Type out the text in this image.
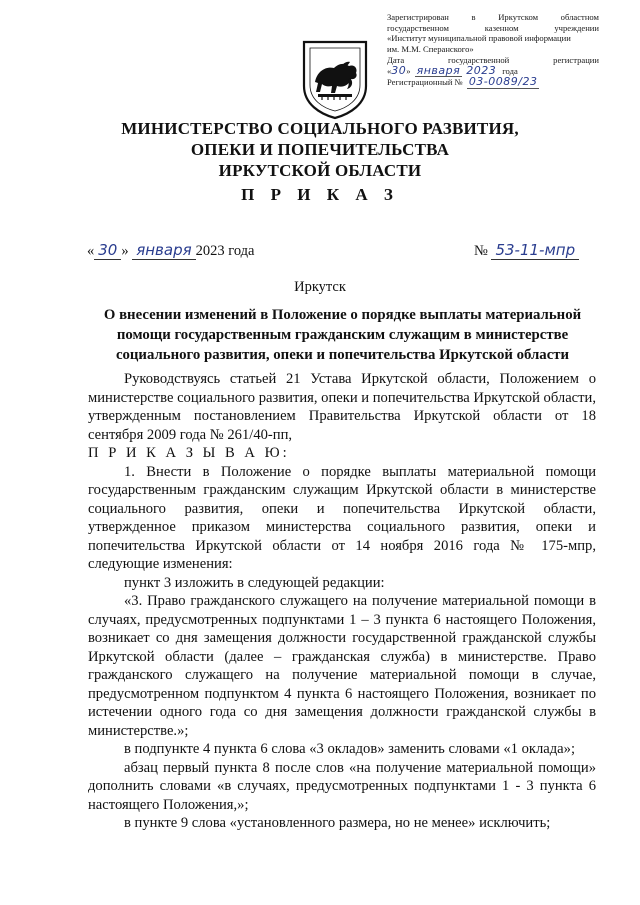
Зарегистрирован в Иркутском областном
государственном казенном учреждении
«Институт муниципальной правовой информации
им. М.М. Сперанского»
Дата государственной регистрации
« 30 » января 2023 года
Регистрационный № 03-0089/23
МИНИСТЕРСТВО СОЦИАЛЬНОГО РАЗВИТИЯ,
ОПЕКИ И ПОПЕЧИТЕЛЬСТВА
ИРКУТСКОЙ ОБЛАСТИ
П Р И К А З
« 30 » января 2023 года	№ 53-11-мпр
Иркутск
О внесении изменений в Положение о порядке выплаты материальной помощи государственным гражданским служащим в министерстве социального развития, опеки и попечительства Иркутской области

Руководствуясь статьей 21 Устава Иркутской области, Положением о министерстве социального развития, опеки и попечительства Иркутской области, утвержденным постановлением Правительства Иркутской области от 18 сентября 2009 года № 261/40-пп,

П Р И К А З Ы В А Ю:

1. Внести в Положение о порядке выплаты материальной помощи государственным гражданским служащим Иркутской области в министерстве социального развития, опеки и попечительства Иркутской области, утвержденное приказом министерства социального развития, опеки и попечительства Иркутской области от 14 ноября 2016 года № 175-мпр, следующие изменения:

пункт 3 изложить в следующей редакции:

«3. Право гражданского служащего на получение материальной помощи в случаях, предусмотренных подпунктами 1 – 3 пункта 6 настоящего Положения, возникает со дня замещения должности государственной гражданской службы Иркутской области (далее – гражданская служба) в министерстве. Право гражданского служащего на получение материальной помощи в случае, предусмотренном подпунктом 4 пункта 6 настоящего Положения, возникает по истечении одного года со дня замещения должности гражданской службы в министерстве.»;

в подпункте 4 пункта 6 слова «3 окладов» заменить словами «1 оклада»;

абзац первый пункта 8 после слов «на получение материальной помощи» дополнить словами «в случаях, предусмотренных подпунктами 1 - 3 пункта 6 настоящего Положения,»;

в пункте 9 слова «установленного размера, но не менее» исключить;
